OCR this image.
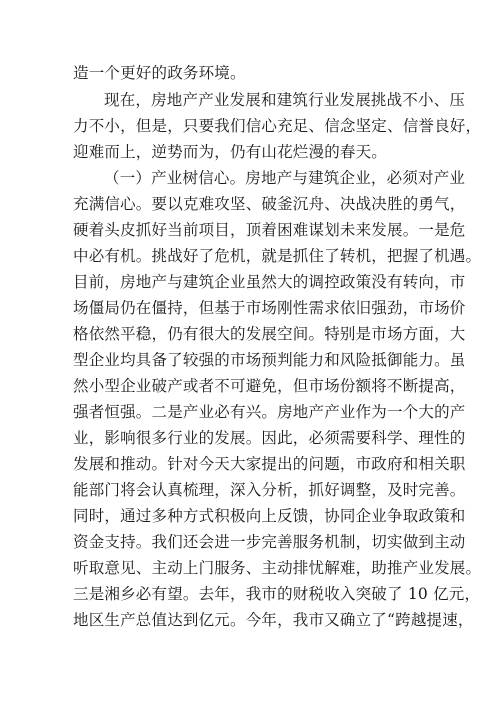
造一个更好的政务环境。
现在，房地产产业发展和建筑行业发展挑战不小、压
力不小，但是，只要我们信心充足、信念坚定、信誉良好，
迎难而上，逆势而为，仍有山花烂漫的春天。
（一）产业树信心。房地产与建筑企业，必须对产业
充满信心。要以克难攻坚、破釜沉舟、决战决胜的勇气，
硬着头皮抓好当前项目，顶着困难谋划未来发展。一是危
中必有机。挑战好了危机，就是抓住了转机，把握了机遇。
目前，房地产与建筑企业虽然大的调控政策没有转向，市
场僵局仍在僵持，但基于市场刚性需求依旧强劲，市场价
格依然平稳，仍有很大的发展空间。特别是市场方面，大
型企业均具备了较强的市场预判能力和风险抵御能力。虽
然小型企业破产或者不可避免，但市场份额将不断提高，
强者恒强。二是产业必有兴。房地产产业作为一个大的产
业，影响很多行业的发展。因此，必须需要科学、理性的
发展和推动。针对今天大家提出的问题，市政府和相关职
能部门将会认真梳理，深入分析，抓好调整，及时完善。
同时，通过多种方式积极向上反馈，协同企业争取政策和
资金支持。我们还会进一步完善服务机制，切实做到主动
听取意见、主动上门服务、主动排忧解难，助推产业发展。
三是湘乡必有望。去年，我市的财税收入突破了 10 亿元，
地区生产总值达到亿元。今年，我市又确立了“跨越提速，
